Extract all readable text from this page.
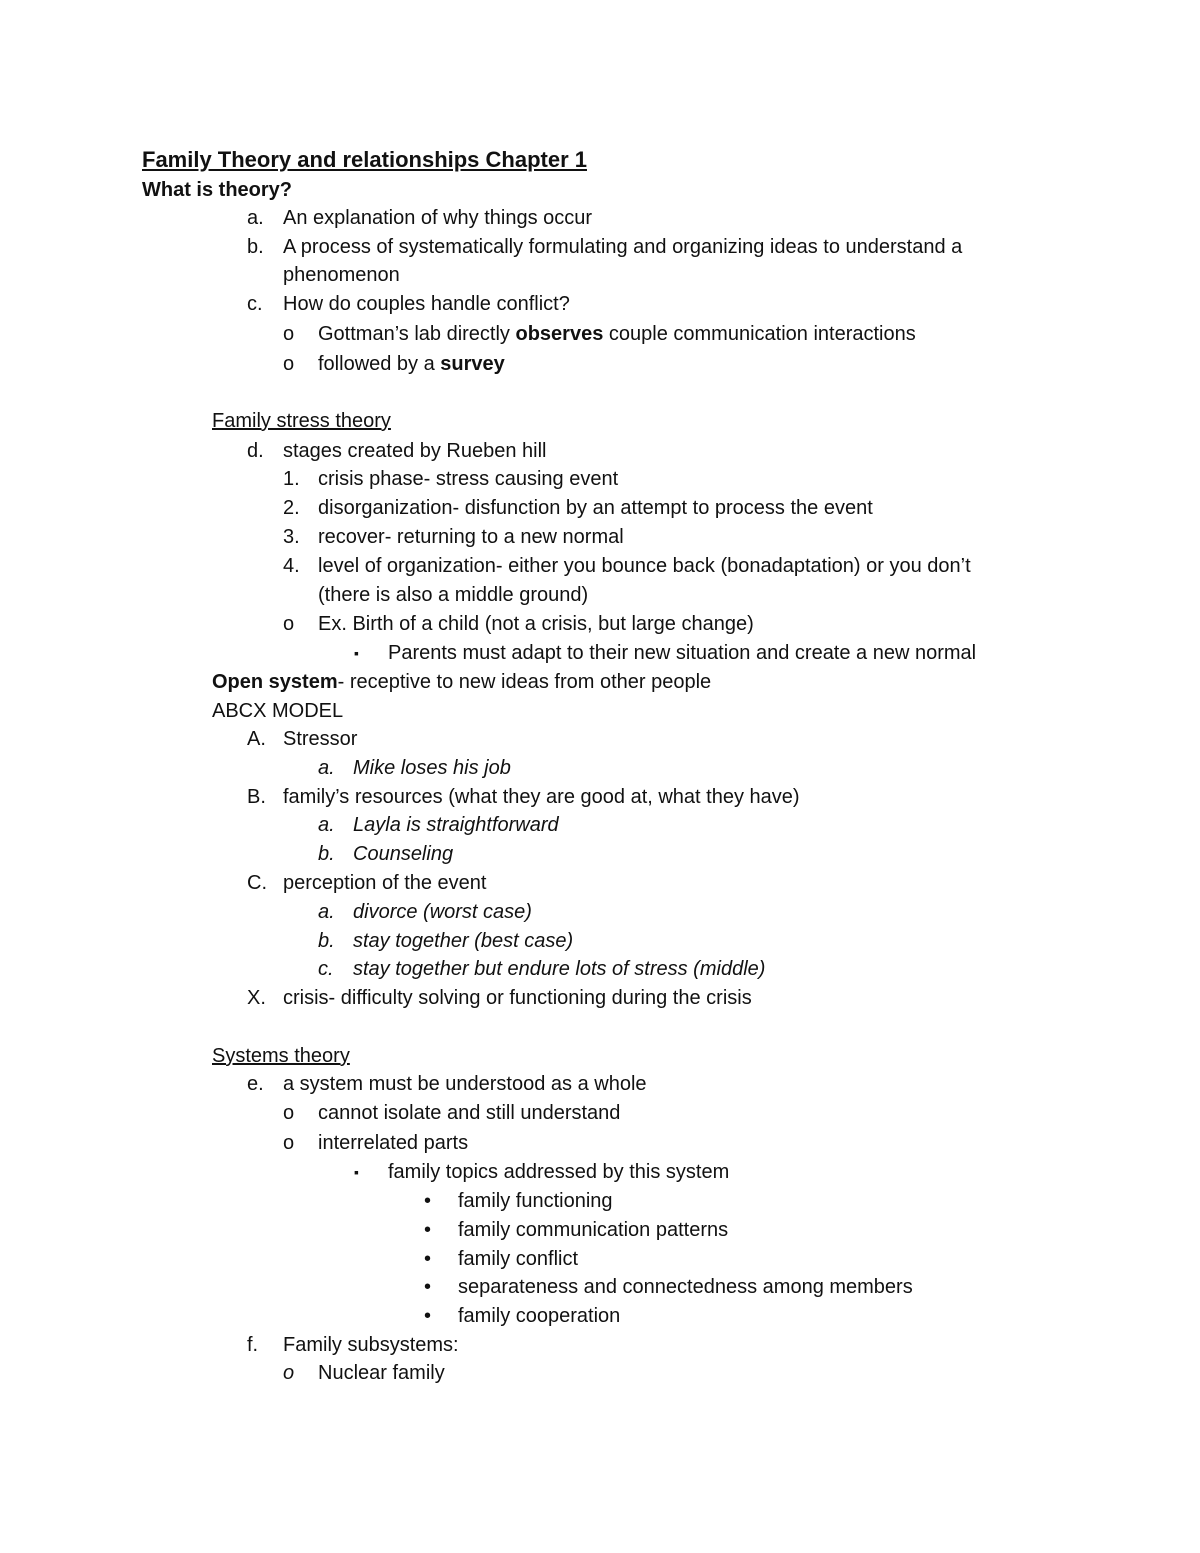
Family Theory and relationships Chapter 1
What is theory?
a. An explanation of why things occur
b. A process of systematically formulating and organizing ideas to understand a
phenomenon
c. How do couples handle conflict?
o Gottman’s lab directly observes couple communication interactions
o followed by a survey
Family stress theory
d. stages created by Rueben hill
1. crisis phase- stress causing event
2. disorganization- disfunction by an attempt to process the event
3. recover- returning to a new normal
4. level of organization- either you bounce back (bonadaptation) or you don’t
(there is also a middle ground)
o Ex. Birth of a child (not a crisis, but large change)
▪ Parents must adapt to their new situation and create a new normal
Open system- receptive to new ideas from other people
ABCX MODEL
A. Stressor
a. Mike loses his job
B. family’s resources (what they are good at, what they have)
a. Layla is straightforward
b. Counseling
C. perception of the event
a. divorce (worst case)
b. stay together (best case)
c. stay together but endure lots of stress (middle)
X. crisis- difficulty solving or functioning during the crisis
Systems theory
e. a system must be understood as a whole
o cannot isolate and still understand
o interrelated parts
▪ family topics addressed by this system
• family functioning
• family communication patterns
• family conflict
• separateness and connectedness among members
• family cooperation
f. Family subsystems:
o Nuclear family
